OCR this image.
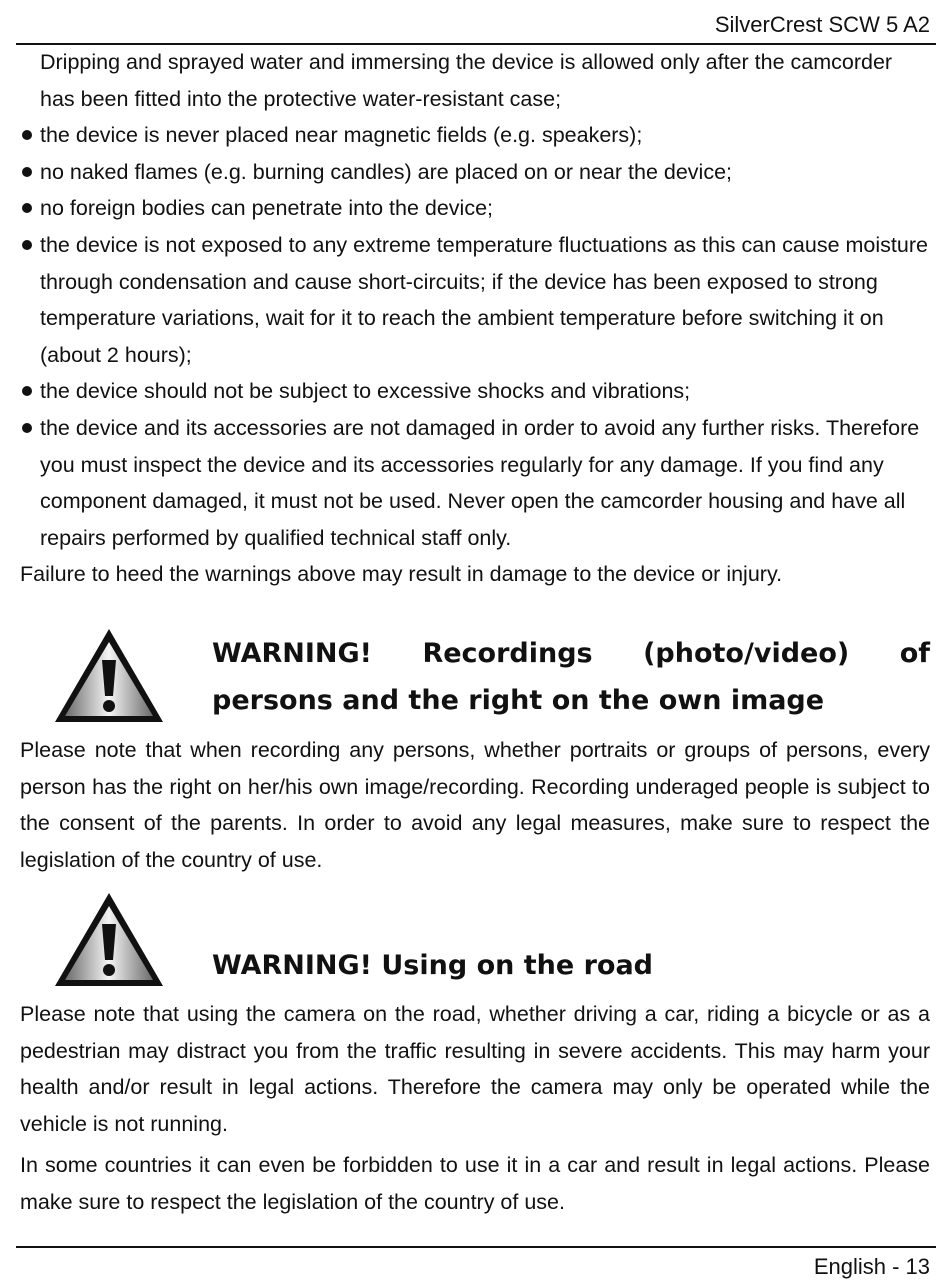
SilverCrest SCW 5 A2

Dripping and sprayed water and immersing the device is allowed only after the camcorder has been fitted into the protective water-resistant case;

the device is never placed near magnetic fields (e.g. speakers);
no naked flames (e.g. burning candles) are placed on or near the device;
no foreign bodies can penetrate into the device;
the device is not exposed to any extreme temperature fluctuations as this can cause moisture through condensation and cause short-circuits; if the device has been exposed to strong temperature variations, wait for it to reach the ambient temperature before switching it on (about 2 hours);
the device should not be subject to excessive shocks and vibrations;
the device and its accessories are not damaged in order to avoid any further risks. Therefore you must inspect the device and its accessories regularly for any damage. If you find any component damaged, it must not be used. Never open the camcorder housing and have all repairs performed by qualified technical staff only.

Failure to heed the warnings above may result in damage to the device or injury.

WARNING! Recordings (photo/video) of persons and the right on the own image

Please note that when recording any persons, whether portraits or groups of persons, every person has the right on her/his own image/recording. Recording underaged people is subject to the consent of the parents. In order to avoid any legal measures, make sure to respect the legislation of the country of use.

WARNING! Using on the road

Please note that using the camera on the road, whether driving a car, riding a bicycle or as a pedestrian may distract you from the traffic resulting in severe accidents. This may harm your health and/or result in legal actions. Therefore the camera may only be operated while the vehicle is not running.

In some countries it can even be forbidden to use it in a car and result in legal actions. Please make sure to respect the legislation of the country of use.

English - 13
